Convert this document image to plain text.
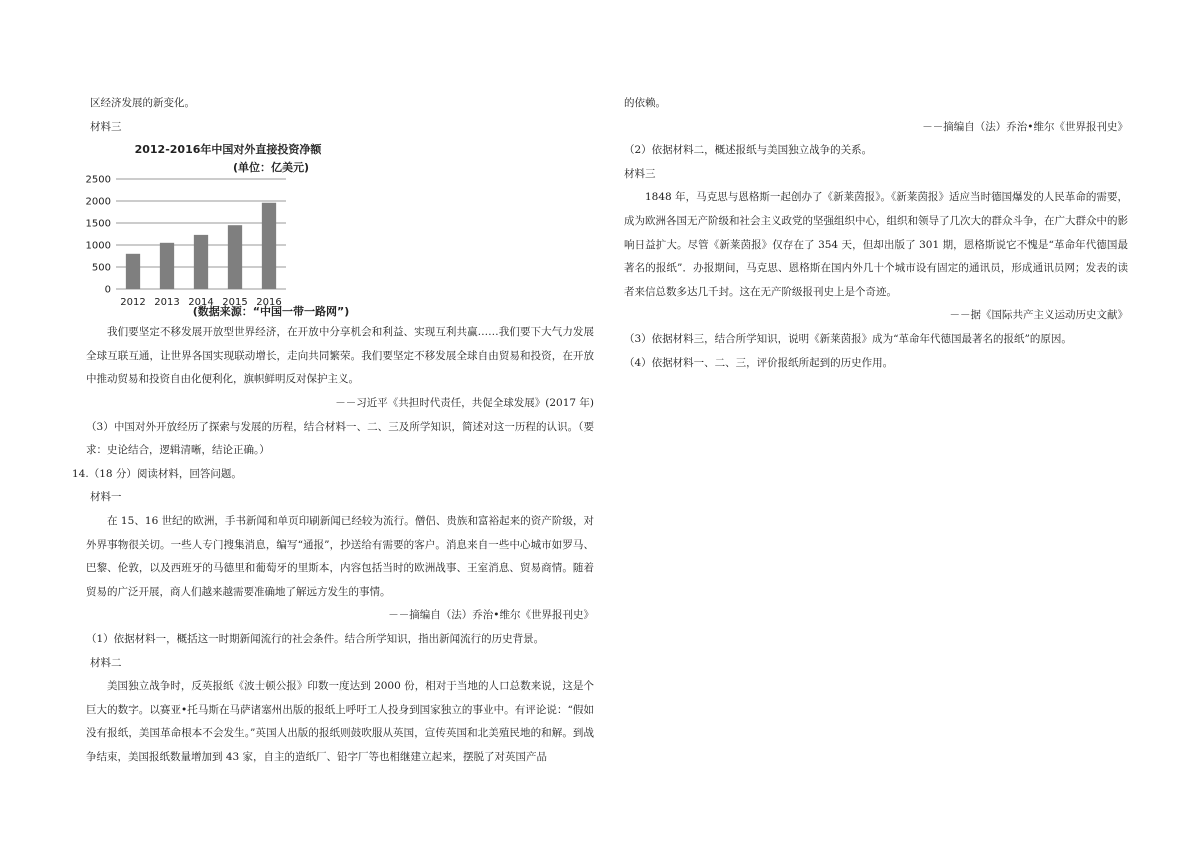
区经济发展的新变化。

材料三

2012-2016年中国对外直接投资净额
(单位：亿美元)
0
500
1000
1500
2000
2500
2012 2013 2014 2015 2016
(数据来源：“中国一带一路网”)

我们要坚定不移发展开放型世界经济，在开放中分享机会和利益、实现互利共赢……我们要下大气力发展全球互联互通，让世界各国实现联动增长，走向共同繁荣。我们要坚定不移发展全球自由贸易和投资，在开放中推动贸易和投资自由化便利化，旗帜鲜明反对保护主义。

－－习近平《共担时代责任，共促全球发展》(2017 年)

（3）中国对外开放经历了探索与发展的历程，结合材料一、二、三及所学知识，简述对这一历程的认识。（要求：史论结合，逻辑清晰，结论正确。）

14.（18 分）阅读材料，回答问题。

材料一

在 15、16 世纪的欧洲，手书新闻和单页印刷新闻已经较为流行。僧侣、贵族和富裕起来的资产阶级，对外界事物很关切。一些人专门搜集消息，编写“通报”，抄送给有需要的客户。消息来自一些中心城市如罗马、巴黎、伦敦，以及西班牙的马德里和葡萄牙的里斯本，内容包括当时的欧洲战事、王室消息、贸易商情。随着贸易的广泛开展，商人们越来越需要准确地了解远方发生的事情。

－－摘编自（法）乔治•维尔《世界报刊史》

（1）依据材料一，概括这一时期新闻流行的社会条件。结合所学知识，指出新闻流行的历史背景。

材料二

美国独立战争时，反英报纸《波士顿公报》印数一度达到 2000 份，相对于当地的人口总数来说，这是个巨大的数字。以赛亚•托马斯在马萨诸塞州出版的报纸上呼吁工人投身到国家独立的事业中。有评论说：“假如没有报纸，美国革命根本不会发生。”英国人出版的报纸则鼓吹服从英国，宣传英国和北美殖民地的和解。到战争结束，美国报纸数量增加到 43 家，自主的造纸厂、铅字厂等也相继建立起来，摆脱了对英国产品

的依赖。

－－摘编自（法）乔治•维尔《世界报刊史》

（2）依据材料二，概述报纸与美国独立战争的关系。

材料三

1848 年，马克思与恩格斯一起创办了《新莱茵报》。《新莱茵报》适应当时德国爆发的人民革命的需要，成为欧洲各国无产阶级和社会主义政党的坚强组织中心，组织和领导了几次大的群众斗争，在广大群众中的影响日益扩大。尽管《新莱茵报》仅存在了 354 天，但却出版了 301 期，恩格斯说它不愧是“革命年代德国最著名的报纸”．办报期间，马克思、恩格斯在国内外几十个城市设有固定的通讯员，形成通讯员网；发表的读者来信总数多达几千封。这在无产阶级报刊史上是个奇迹。

－－据《国际共产主义运动历史文献》

（3）依据材料三，结合所学知识，说明《新莱茵报》成为“革命年代德国最著名的报纸”的原因。

（4）依据材料一、二、三，评价报纸所起到的历史作用。
